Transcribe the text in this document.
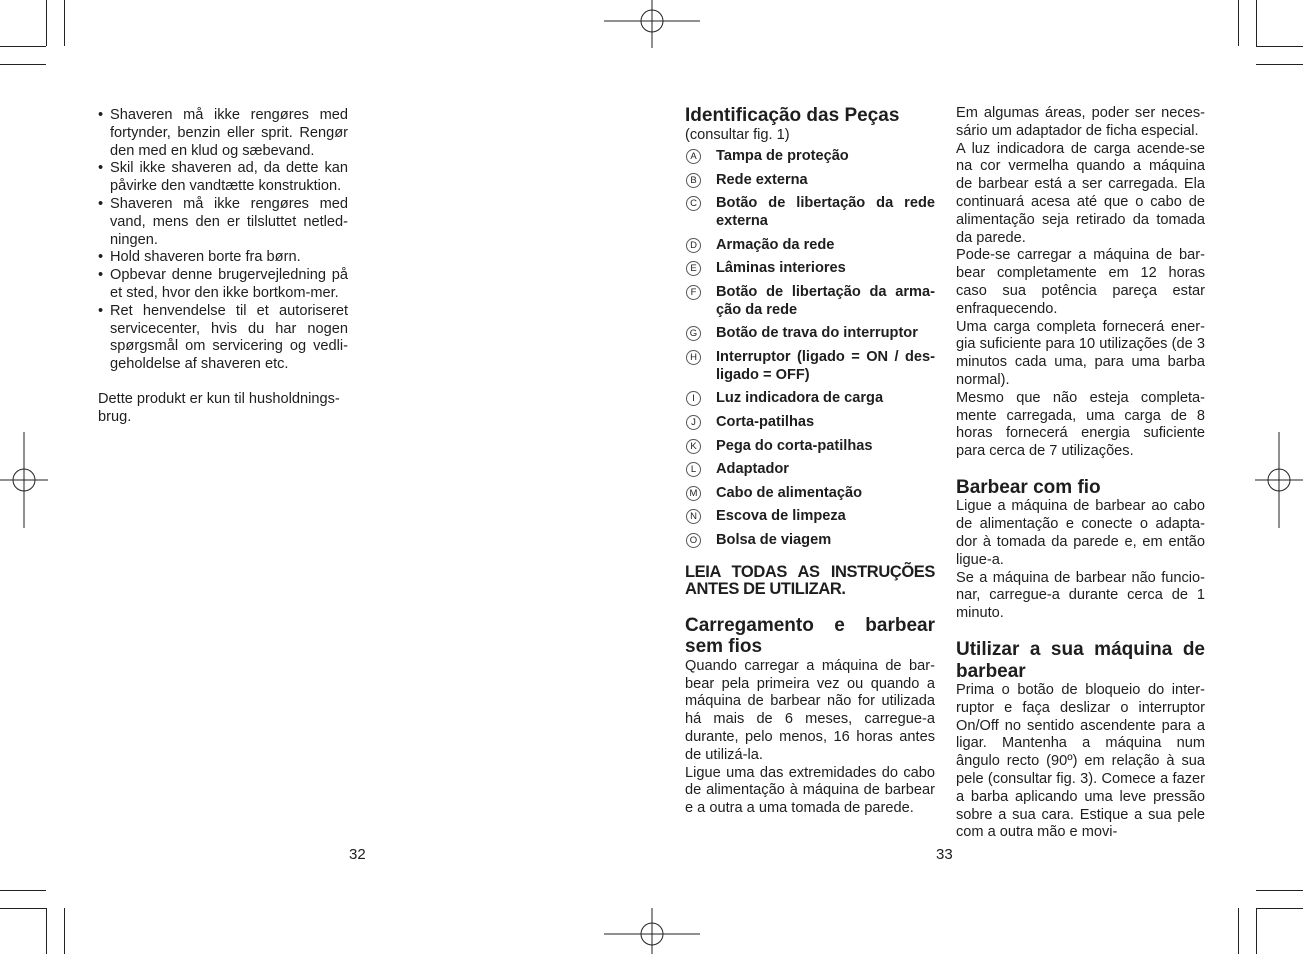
• Shaveren må ikke rengøres med fortynder, benzin eller sprit. Rengør den med en klud og sæbevand.
• Skil ikke shaveren ad, da dette kan påvirke den vandtætte konstruktion.
• Shaveren må ikke rengøres med vand, mens den er tilsluttet netled-ningen.
• Hold shaveren borte fra børn.
• Opbevar denne brugervejledning på et sted, hvor den ikke bortkom-mer.
• Ret henvendelse til et autoriseret servicecenter, hvis du har nogen spørgsmål om servicering og vedli-geholdelse af shaveren etc.

Dette produkt er kun til husholdnings-brug.

32
Identificação das Peças

(consultar fig. 1)

A Tampa de proteção
B Rede externa
C Botão de libertação da rede externa
D Armação da rede
E Lâminas interiores
F	Botão de libertação da arma-ção da rede
G Botão de trava do interruptor
H Interruptor (ligado = ON / des-ligado = OFF)
I	Luz indicadora de carga
J	Corta-patilhas
K Pega do corta-patilhas
L	Adaptador
M Cabo de alimentação
N Escova de limpeza
O Bolsa de viagem

LEIA TODAS AS INSTRUÇÕES ANTES DE UTILIZAR.

Carregamento e barbear sem fios

Quando carregar a máquina de bar-bear pela primeira vez ou quando a máquina de barbear não for utilizada há mais de 6 meses, carregue-a durante, pelo menos, 16 horas antes de utilizá-la.

Ligue uma das extremidades do cabo de alimentação à máquina de barbear e a outra a uma tomada de parede.

Em algumas áreas, poder ser neces-sário um adaptador de ficha especial.

A luz indicadora de carga acende-se na cor vermelha quando a máquina de barbear está a ser carregada. Ela continuará acesa até que o cabo de alimentação seja retirado da tomada da parede.

Pode-se carregar a máquina de bar-bear completamente em 12 horas caso sua potência pareça estar enfraquecendo.

Uma carga completa fornecerá ener-gia suficiente para 10 utilizações (de 3 minutos cada uma, para uma barba normal).

Mesmo que não esteja completa-mente carregada, uma carga de 8 horas fornecerá energia suficiente para cerca de 7 utilizações.

Barbear com fio

Ligue a máquina de barbear ao cabo de alimentação e conecte o adapta-dor à tomada da parede e, em então ligue-a.

Se a máquina de barbear não funcio-nar, carregue-a durante cerca de 1 minuto.

Utilizar a sua máquina de barbear

Prima o botão de bloqueio do inter-ruptor e faça deslizar o interruptor On/Off no sentido ascendente para a ligar. Mantenha a máquina num ângulo recto (90º) em relação à sua pele (consultar fig. 3). Comece a fazer a barba aplicando uma leve pressão sobre a sua cara. Estique a sua pele com a outra mão e movi-

33
